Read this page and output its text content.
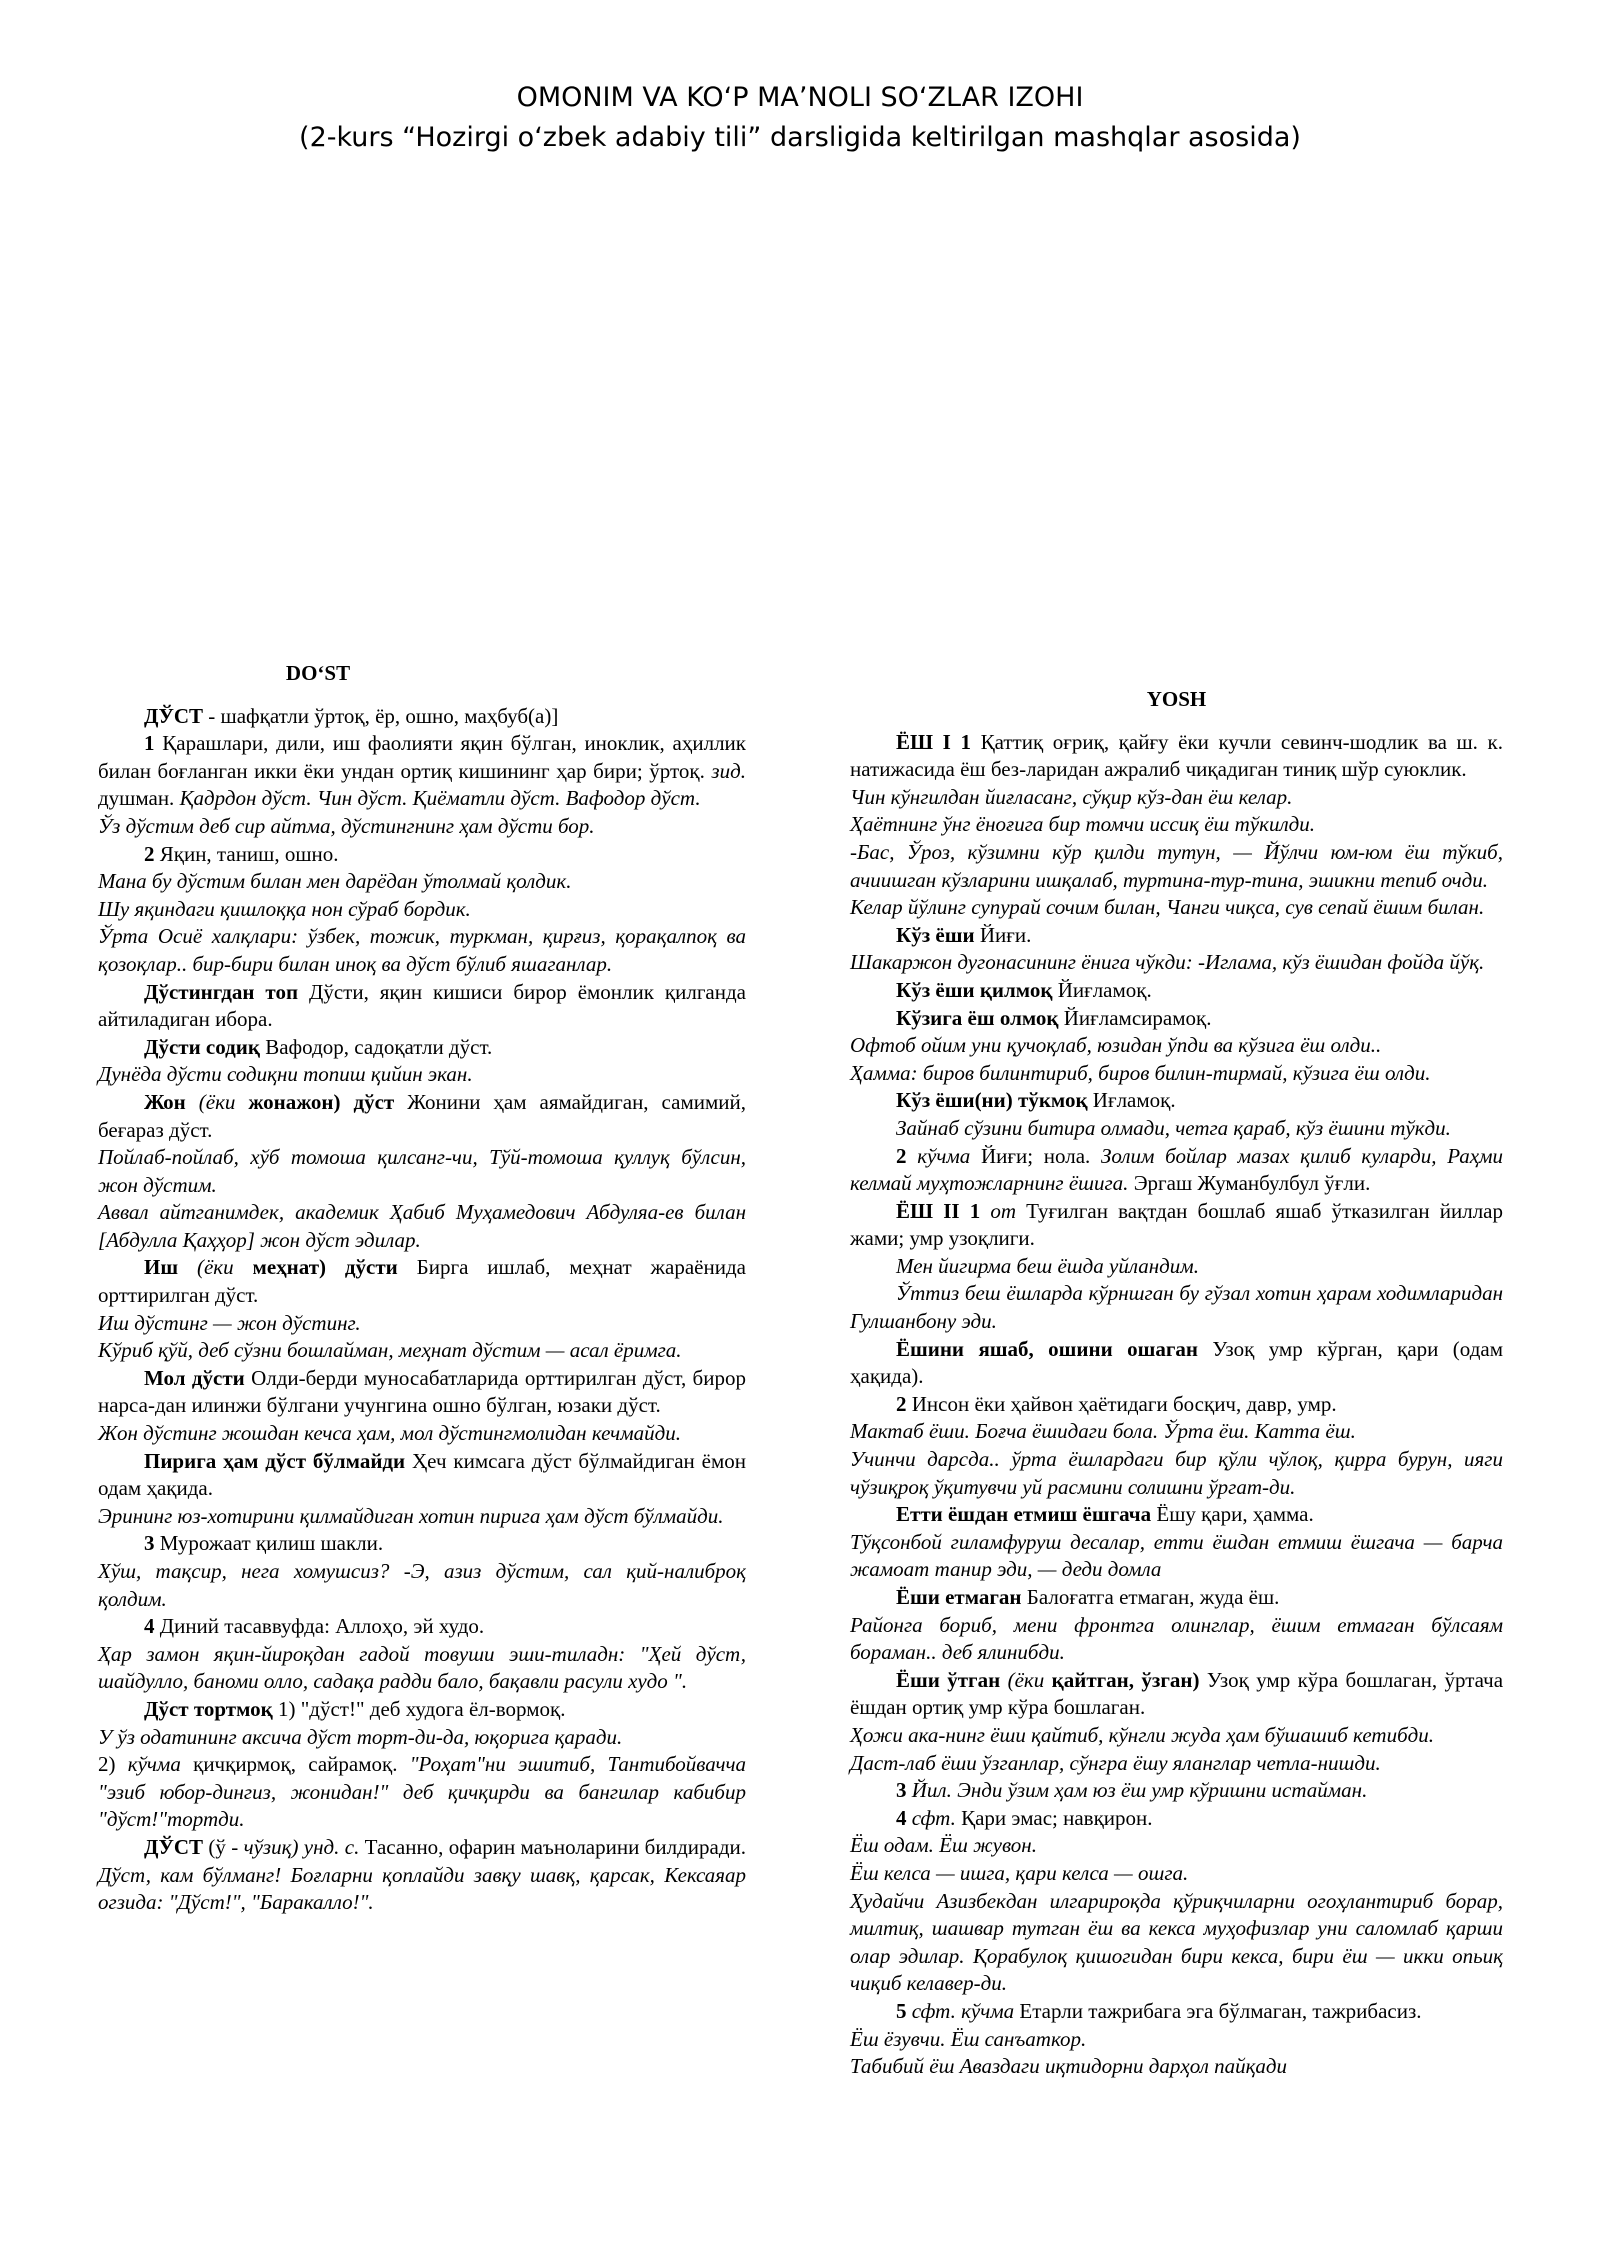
OMONIM VA KOʻP MAʼNOLI SOʻZLAR IZOHI
(2-kurs “Hozirgi oʻzbek adabiy tili” darsligida keltirilgan mashqlar asosida)
DOʻST

ДЎСТ - шафқатли ўртоқ, ёр, ошно, маҳбуб(а)]

1 Қарашлари, дили, иш фаолияти яқин бўлган, иноклик, аҳиллик билан боғланган икки ёки ундан ортиқ кишининг ҳар бири; ўртоқ. зид. душман. Қадрдон дўст. Чин дўст. Қиёматли дўст. Вафодор дўст.

Ўз дўстим деб сир айтма, дўстингнинг ҳам дўсти бор.

2 Яқин, таниш, ошно.

Мана бу дўстим билан мен дарёдан ўтолмай қолдик.

Шу яқиндаги қишлоққа нон сўраб бордик.

Ўрта Осиё халқлари: ўзбек, тожик, туркман, қирғиз, қорақалпоқ ва қозоқлар.. бир-бири билан иноқ ва дўст бўлиб яшаганлар.

Дўстингдан топ Дўсти, яқин кишиси бирор ёмонлик қилганда айтиладиган ибора.

Дўсти содиқ Вафодор, садоқатли дўст.

Дунёда дўсти содиқни топиш қийин экан.

Жон (ёки жонажон) дўст Жонини ҳам аямайдиган, самимий, беғараз дўст.

Пойлаб-пойлаб, хўб томоша қилсанг-чи, Тўй-томоша қуллуқ бўлсин, жон дўстим.

Аввал айтганимдек, академик Ҳабиб Муҳамедович Абдуляа-ев билан [Абдулла Қаҳҳор] жон дўст эдилар.

Иш (ёки меҳнат) дўсти Бирга ишлаб, меҳнат жараёнида орттирилган дўст.

Иш дўстинг — жон дўстинг.

Кўриб қўй, деб сўзни бошлайман, меҳнат дўстим — асал ёримга.

Мол дўсти Олди-берди муносабатларида орттирилган дўст, бирор нарса-дан илинжи бўлгани учунгина ошно бўлган, юзаки дўст.

Жон дўстинг жошдан кечса ҳам, мол дўстингмолидан кечмайди.

Пирига ҳам дўст бўлмайди Ҳеч кимсага дўст бўлмайдиган ёмон одам ҳақида.

Эрининг юз-хотирини қилмайдиган хотин пирига ҳам дўст бўлмайди.

3 Мурожаат қилиш шакли.

Хўш, тақсир, нега хомушсиз? -Э, азиз дўстим, сал қий-налиброқ қолдим.

4 Диний тасаввуфда: Аллоҳо, эй худо.

Ҳар замон яқин-йироқдан гадой товуши эши-тиладн: "Ҳей дўст, шайдулло, баноми олло, садақа радди бало, бақавли расули худо ".

Дўст тортмоқ 1) "дўст!" деб худога ёл-вормоқ.

У ўз одатининг аксича дўст торт-ди-да, юқорига қаради.

2) кўчма қичқирмоқ, сайрамоқ. "Роҳат"ни эшитиб, Тантибойвачча "эзиб юбор-дингиз, жонидан!" деб қичқирди ва бангилар кабибир "дўст!"тортди.

ДЎСТ (ў - чўзиқ) унд. с. Тасанно, офарин маъноларини билдиради. Дўст, кам бўлманг! Боғларни қоплайди завқу шавқ, қарсак, Кексаяар огзида: "Дўст!", "Баракалло!".

YOSH

ЁШ I 1 Қаттиқ оғриқ, қайғу ёки кучли севинч-шодлик ва ш. к. натижасида ёш без-ларидан ажралиб чиқадиган тиниқ шўр суюклик.

Чин кўнгилдан йиғласанг, сўқир кўз-дан ёш келар.

Ҳаётнинг ўнг ёноғига бир томчи иссиқ ёш тўкилди.

-Бас, Ўроз, кўзимни кўр қилди тутун, — Йўлчи юм-юм ёш тўкиб, ачиишган кўзларини ишқалаб, туртина-тур-тина, эшикни тепиб очди.

Келар йўлинг супурай сочим билан, Чанги чиқса, сув сепай ёшим билан.

Кўз ёши Йиғи.

Шакаржон дугонасининг ёнига чўкди: -Иглама, кўз ёшидан фойда йўқ.

Кўз ёши қилмоқ Йиғламоқ.

Кўзига ёш олмоқ Йиғламсирамоқ.

Офтоб ойим уни қучоқлаб, юзидан ўпди ва кўзига ёш олди..

Ҳамма: биров билинтириб, биров билин-тирмай, кўзига ёш олди.

Кўз ёши(ни) тўкмоқ Иғламоқ.

Зайнаб сўзини битира олмади, четга қараб, кўз ёшини тўкди.

2 кўчма Йиғи; нола. Золим бойлар мазах қилиб куларди, Раҳми келмай муҳтожларнинг ёшига. Эргаш Жуманбулбул ўғли.

ЁШ II 1 от Туғилган вақтдан бошлаб яшаб ўтказилган йиллар жами; умр узоқлиги.

Мен йигирма беш ёшда уйландим.

Ўттиз беш ёшларда кўрншган бу гўзал хотин ҳарам ходимларидан Гулшанбону эди.

Ёшини яшаб, ошини ошаган Узоқ умр кўрган, қари (одам ҳақида).

2 Инсон ёки ҳайвон ҳаётидаги босқич, давр, умр.

Мактаб ёши. Боғча ёшидаги бола. Ўрта ёш. Катта ёш.

Учинчи дарсда.. ўрта ёшлардаги бир қўли чўлоқ, қирра бурун, ияги чўзиқроқ ўқитувчи уй расмини солишни ўргат-ди.

Етти ёшдан етмиш ёшгача Ёшу қари, ҳамма.

Тўқсонбой гиламфуруш десалар, етти ёшдан етмиш ёшгача — барча жамоат танир эди, — деди домла

Ёши етмаган Балоғатга етмаган, жуда ёш.

Районга бориб, мени фронтга олинглар, ёшим етмаган бўлсаям бораман.. деб ялинибди.

Ёши ўтган (ёки қайтган, ўзган) Узоқ умр кўра бошлаган, ўртача ёшдан ортиқ умр кўра бошлаган.

Ҳожи ака-нинг ёши қайтиб, кўнгли жуда ҳам бўшашиб кетибди.

Даст-лаб ёши ўзганлар, сўнгра ёшу яланглар четла-нишди.

3 Йил. Энди ўзим ҳам юз ёш умр кўришни истайман.

4 сфт. Қари эмас; навқирон.

Ёш одам. Ёш жувон.

Ёш келса — ишга, қари келса — ошга.

Ҳудайчи Азизбекдан илгарироқда қўриқчиларни огоҳлантириб борар, милтиқ, шашвар тутган ёш ва кекса муҳофизлар уни саломлаб қарши олар эдилар. Қорабулоқ қишогидан бири кекса, бири ёш — икки опьиқ чиқиб келавер-ди.

5 сфт. кўчма Етарли тажрибага эга бўлмаган, тажрибасиз.

Ёш ёзувчи. Ёш санъаткор.

Табибий ёш Аваздаги иқтидорни дарҳол пайқади
